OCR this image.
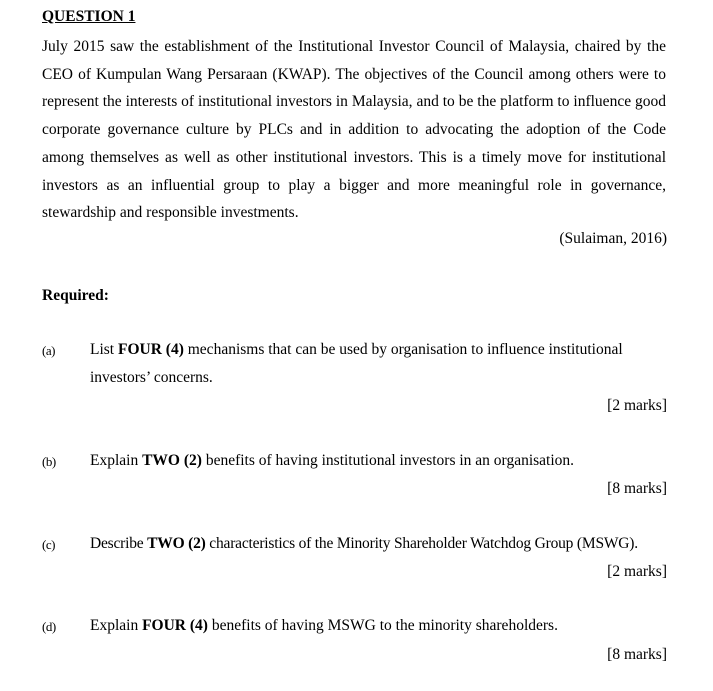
QUESTION 1

July 2015 saw the establishment of the Institutional Investor Council of Malaysia, chaired by the CEO of Kumpulan Wang Persaraan (KWAP). The objectives of the Council among others were to represent the interests of institutional investors in Malaysia, and to be the platform to influence good corporate governance culture by PLCs and in addition to advocating the adoption of the Code among themselves as well as other institutional investors. This is a timely move for institutional investors as an influential group to play a bigger and more meaningful role in governance, stewardship and responsible investments.

(Sulaiman, 2016)
Required:
(a) List FOUR (4) mechanisms that can be used by organisation to influence institutional investors’ concerns.

[2 marks]
(b) Explain TWO (2) benefits of having institutional investors in an organisation.

[8 marks]
(c) Describe TWO (2) characteristics of the Minority Shareholder Watchdog Group (MSWG).

[2 marks]
(d) Explain FOUR (4) benefits of having MSWG to the minority shareholders.

[8 marks]
